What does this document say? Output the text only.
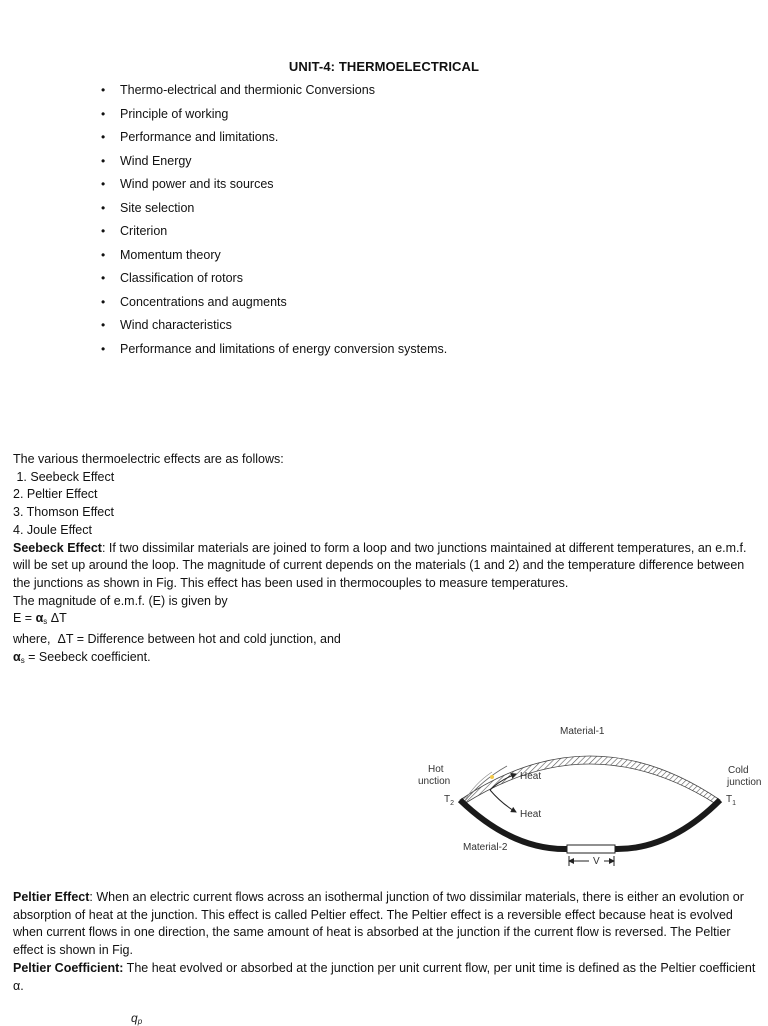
UNIT-4: THERMOELECTRICAL
• Thermo-electrical and thermionic Conversions
• Principle of working
• Performance and limitations.
• Wind Energy
• Wind power and its sources
• Site selection
• Criterion
• Momentum theory
• Classification of rotors
• Concentrations and augments
• Wind characteristics
• Performance and limitations of energy conversion systems.

The various thermoelectric effects are as follows:

1. Seebeck Effect

2. Peltier Effect

3. Thomson Effect

4. Joule Effect

Seebeck Effect: If two dissimilar materials are joined to form a loop and two junctions maintained at different temperatures, an e.m.f. will be set up around the loop. The magnitude of current depends on the materials (1 and 2) and the temperature difference between the junctions as shown in Fig. This effect has been used in thermocouples to measure temperatures.

The magnitude of e.m.f. (E) is given by

$E = \alpha_s$ ΔT

where,  ΔT = Difference between hot and cold junction, and

$\alpha_s$ = Seebeck coefficient.

V
Material-1
Material-2
Hot
unction
Cold
junction
$T_2$	$T_1$
Heat
Heat

Peltier Effect: When an electric current flows across an isothermal junction of two dissimilar materials, there is either an evolution or absorption of heat at the junction. This effect is called Peltier effect. The Peltier effect is a reversible effect because heat is evolved when current flows in one direction, the same amount of heat is absorbed at the junction if the current flow is reversed. The Peltier effect is shown in Fig.

Peltier Coefficient: The heat evolved or absorbed at the junction per unit current flow, per unit time is defined as the Peltier coefficient α.

$q_p$
